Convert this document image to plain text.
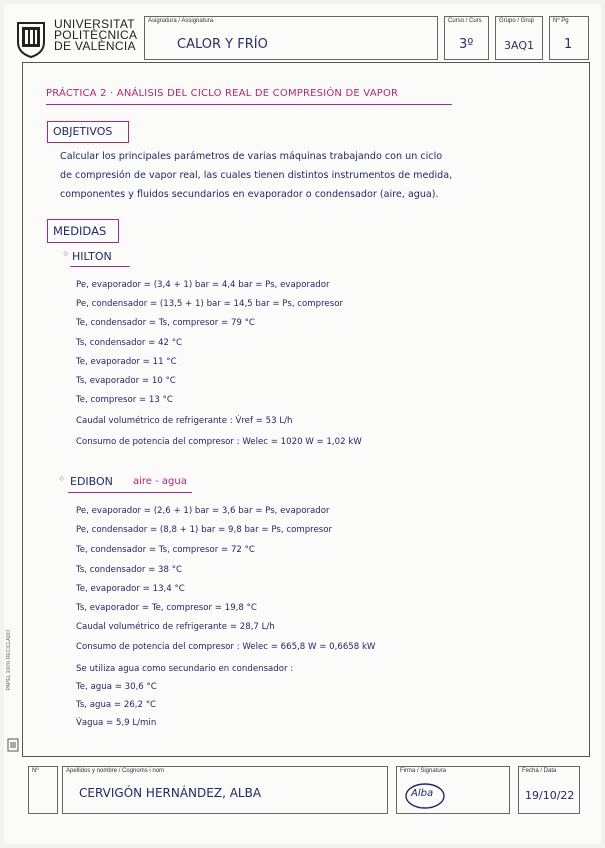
UNIVERSITAT
POLITÈCNICA
DE VALÈNCIA
Asignatura / Assignatura
CALOR Y FRÍO
Curso / Curs
3º
Grupo / Grup
3AQ1
Nº Pg
1
PRÁCTICA 2 · ANÁLISIS DEL CICLO REAL DE COMPRESIÓN DE VAPOR
OBJETIVOS
Calcular los principales parámetros de varias máquinas trabajando con un ciclo
de compresión de vapor real, las cuales tienen distintos instrumentos de medida,
componentes y fluidos secundarios en evaporador o condensador (aire, agua).
MEDIDAS
◦ HILTON
Pe, evaporador = (3,4 + 1) bar = 4,4 bar = Ps, evaporador
Pe, condensador = (13,5 + 1) bar = 14,5 bar = Ps, compresor
Te, condensador = Ts, compresor = 79 °C
Ts, condensador = 42 °C
Te, evaporador = 11 °C
Ts, evaporador = 10 °C
Te, compresor = 13 °C
Caudal volumétrico de refrigerante : V̇ref = 53 L/h
Consumo de potencia del compresor : Welec = 1020 W = 1,02 kW
◦ EDIBON aire - agua
Pe, evaporador = (2,6 + 1) bar = 3,6 bar = Ps, evaporador
Pe, condensador = (8,8 + 1) bar = 9,8 bar = Ps, compresor
Te, condensador = Ts, compresor = 72 °C
Ts, condensador = 38 °C
Te, evaporador = 13,4 °C
Ts, evaporador = Te, compresor = 19,8 °C
Caudal volumétrico de refrigerante = 28,7 L/h
Consumo de potencia del compresor : Welec = 665,8 W = 0,6658 kW
Se utiliza agua como secundario en condensador :
Te, agua = 30,6 °C
Ts, agua = 26,2 °C
V̇agua = 5,9 L/min
PAPEL 100% RECICLADO
Nº	Apellidos y nombre / Cognoms i nom
CERVIGÓN HERNÁNDEZ, ALBA
Firma / Signatura
Alba
Fecha / Data
19/10/22
